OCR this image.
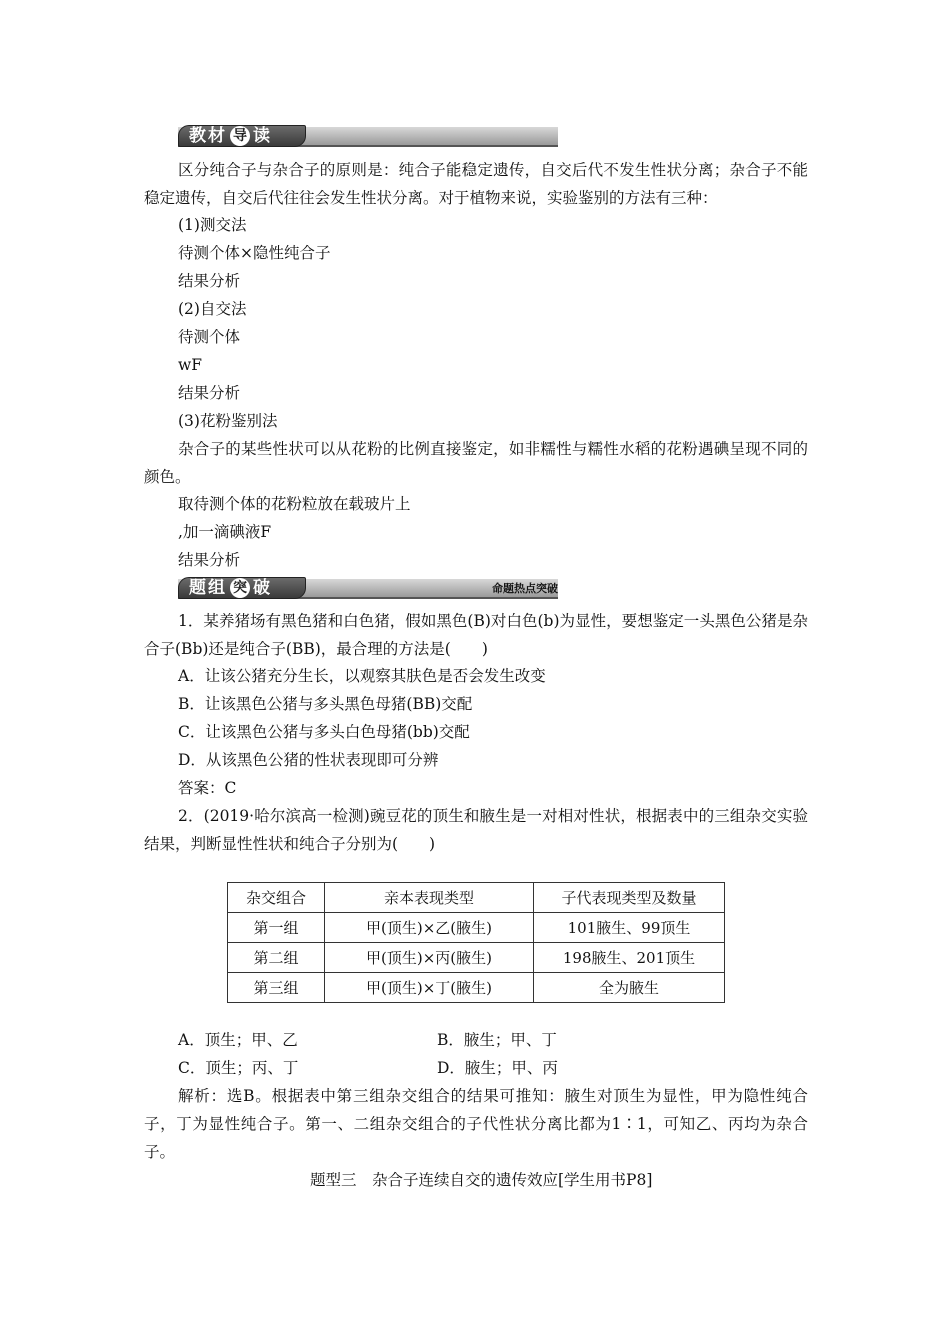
教材 导 读
区分纯合子与杂合子的原则是：纯合子能稳定遗传，自交后代不发生性状分离；杂合子不能稳定遗传，自交后代往往会发生性状分离。对于植物来说，实验鉴别的方法有三种：
(1)测交法
待测个体×隐性纯合子
结果分析
(2)自交法
待测个体
wF
结果分析
(3)花粉鉴别法
杂合子的某些性状可以从花粉的比例直接鉴定，如非糯性与糯性水稻的花粉遇碘呈现不同的颜色。
取待测个体的花粉粒放在载玻片上
,加一滴碘液F
结果分析
题组 突 破	命题热点突破
1．某养猪场有黑色猪和白色猪，假如黑色(B)对白色(b)为显性，要想鉴定一头黑色公猪是杂合子(Bb)还是纯合子(BB)，最合理的方法是(　　)
A．让该公猪充分生长，以观察其肤色是否会发生改变
B．让该黑色公猪与多头黑色母猪(BB)交配
C．让该黑色公猪与多头白色母猪(bb)交配
D．从该黑色公猪的性状表现即可分辨
答案：C
2．(2019·哈尔滨高一检测)豌豆花的顶生和腋生是一对相对性状，根据表中的三组杂交实验结果，判断显性性状和纯合子分别为(　　)
杂交组合	亲本表现类型	子代表现类型及数量
第一组	甲(顶生)×乙(腋生)	101腋生、99顶生
第二组	甲(顶生)×丙(腋生)	198腋生、201顶生
第三组	甲(顶生)×丁(腋生)	全为腋生
A．顶生；甲、乙	B．腋生；甲、丁
C．顶生；丙、丁	D．腋生；甲、丙
解析：选B。根据表中第三组杂交组合的结果可推知：腋生对顶生为显性，甲为隐性纯合子，丁为显性纯合子。第一、二组杂交组合的子代性状分离比都为1∶1，可知乙、丙均为杂合子。
题型三　杂合子连续自交的遗传效应[学生用书P8]
